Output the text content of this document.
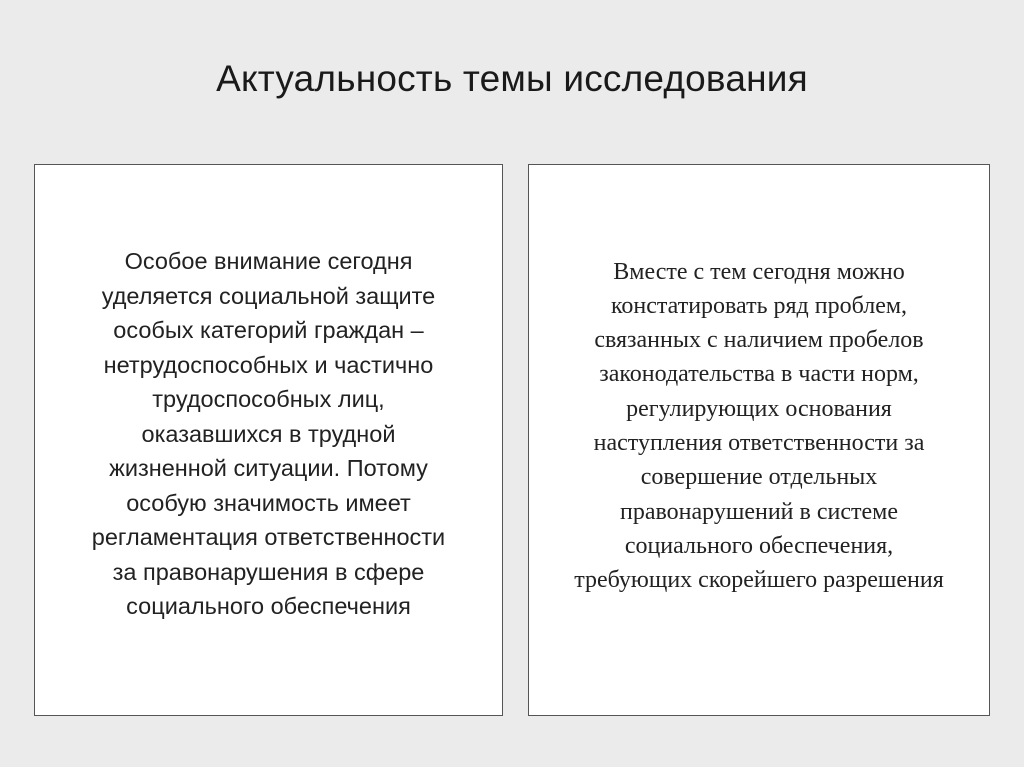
Актуальность темы исследования
Особое внимание сегодня
уделяется социальной защите
особых категорий граждан –
нетрудоспособных и частично
трудоспособных лиц,
оказавшихся в трудной
жизненной ситуации. Потому
особую значимость имеет
регламентация ответственности
за правонарушения в сфере
социального обеспечения
Вместе с тем сегодня можно
констатировать ряд проблем,
связанных с наличием пробелов
законодательства в части норм,
регулирующих основания
наступления ответственности за
совершение отдельных
правонарушений в системе
социального обеспечения,
требующих скорейшего разрешения
